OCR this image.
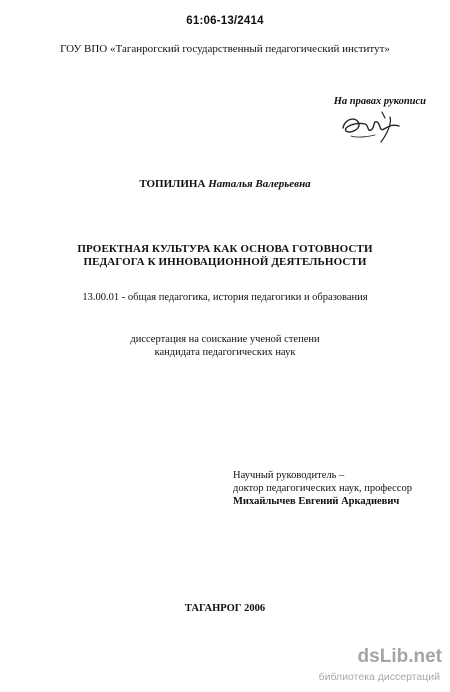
61:06-13/2414
ГОУ ВПО «Таганрогский государственный педагогический институт»
На правах рукописи
ТОПИЛИНА Наталья Валерьевна
ПРОЕКТНАЯ КУЛЬТУРА КАК ОСНОВА ГОТОВНОСТИ
ПЕДАГОГА К ИННОВАЦИОННОЙ ДЕЯТЕЛЬНОСТИ
13.00.01 - общая педагогика, история педагогики и образования
диссертация на соискание ученой степени
кандидата педагогических наук
Научный руководитель –
доктор педагогических наук, профессор
Михайлычев Евгений Аркадиевич
ТАГАНРОГ 2006
dsLib.net
библиотека диссертаций
